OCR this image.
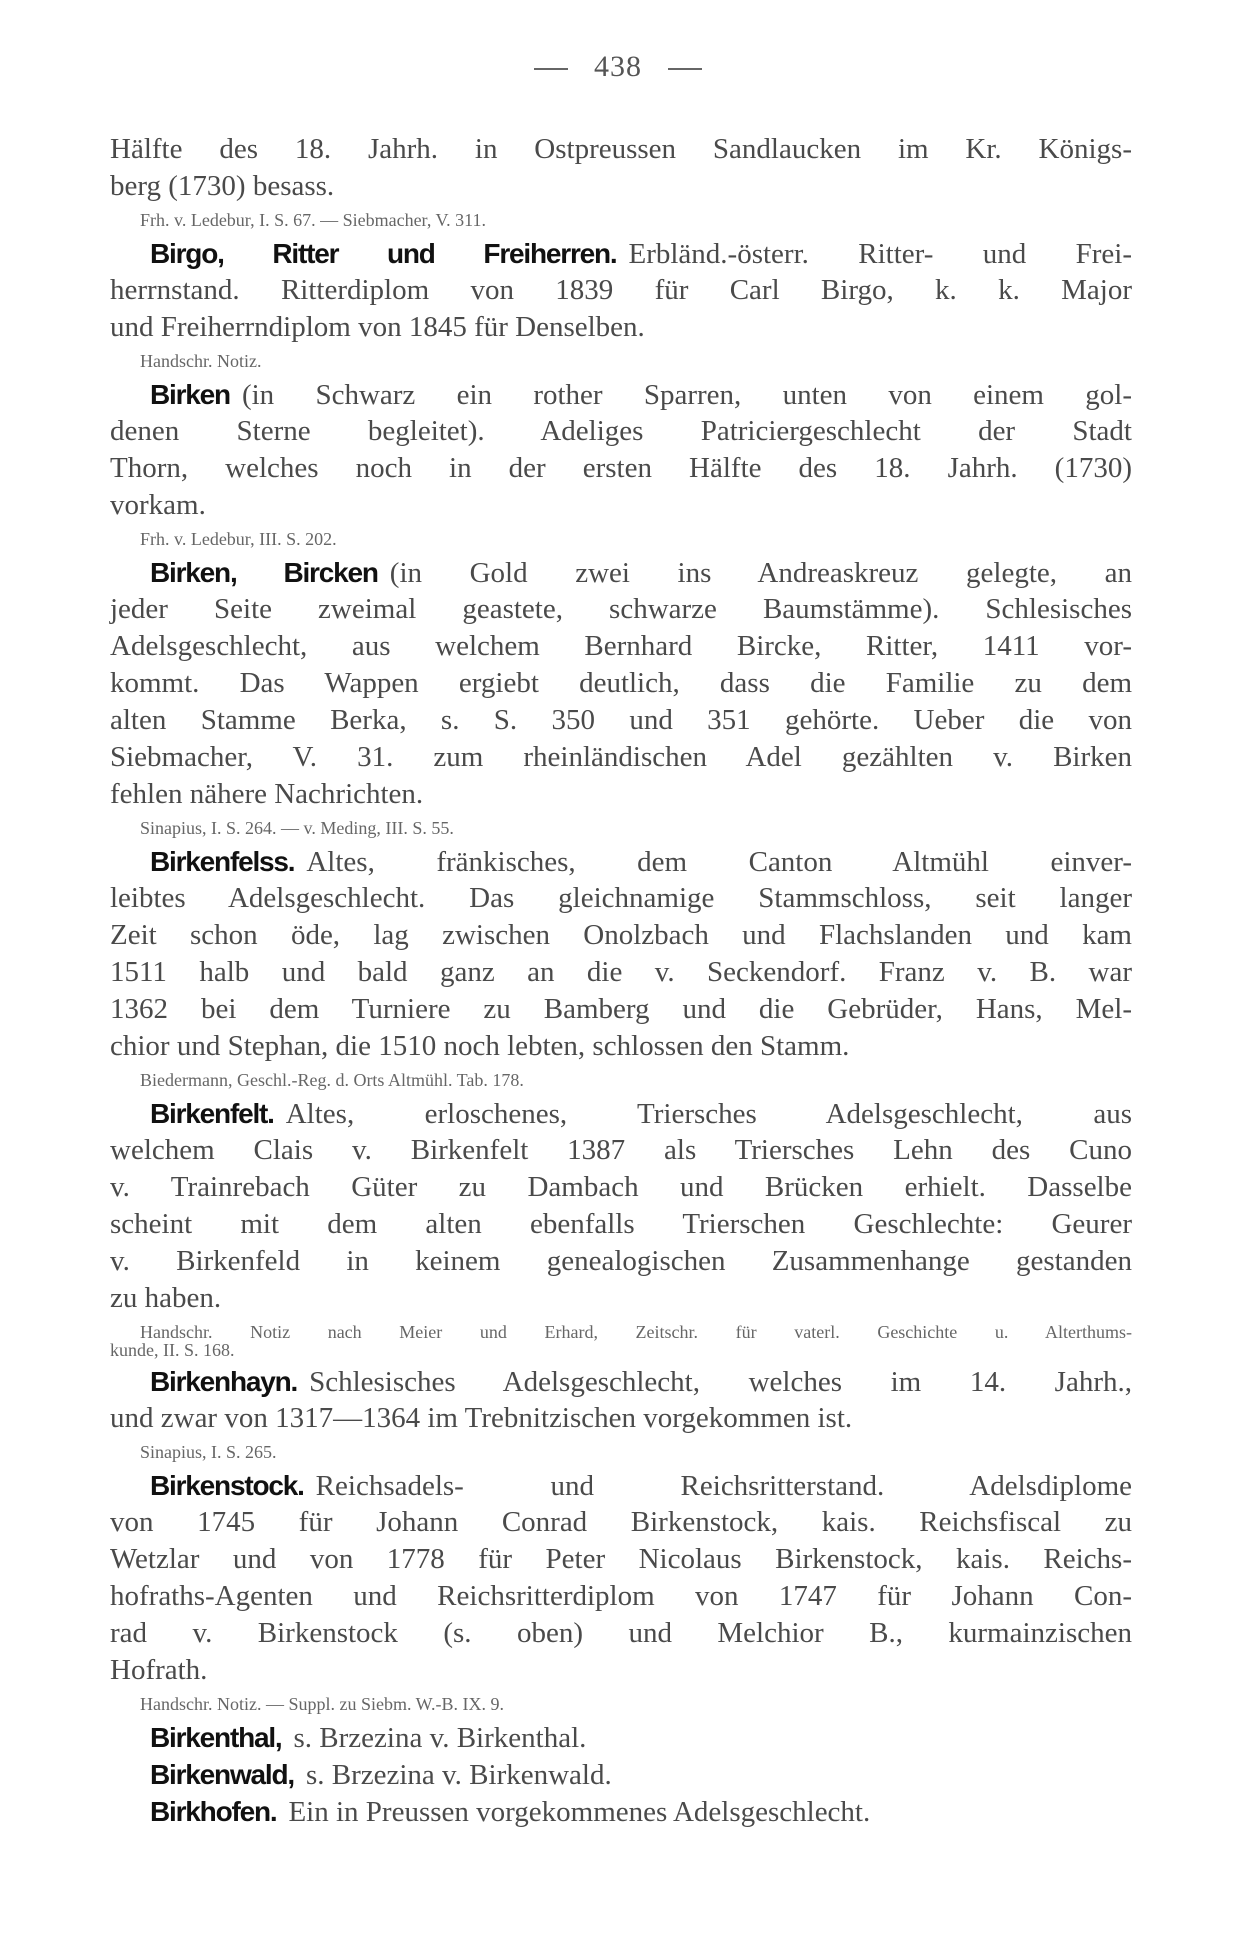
438
Hälfte des 18. Jahrh. in Ostpreussen Sandlaucken im Kr. Königs-
berg (1730) besass.
Frh. v. Ledebur, I. S. 67. — Siebmacher, V. 311.
Birgo, Ritter und Freiherren. Erbländ.-österr. Ritter- und Frei-
herrnstand. Ritterdiplom von 1839 für Carl Birgo, k. k. Major
und Freiherrndiplom von 1845 für Denselben.
Handschr. Notiz.
Birken (in Schwarz ein rother Sparren, unten von einem gol-
denen Sterne begleitet). Adeliges Patriciergeschlecht der Stadt
Thorn, welches noch in der ersten Hälfte des 18. Jahrh. (1730)
vorkam.
Frh. v. Ledebur, III. S. 202.
Birken, Bircken (in Gold zwei ins Andreaskreuz gelegte, an
jeder Seite zweimal geastete, schwarze Baumstämme). Schlesisches
Adelsgeschlecht, aus welchem Bernhard Bircke, Ritter, 1411 vor-
kommt. Das Wappen ergiebt deutlich, dass die Familie zu dem
alten Stamme Berka, s. S. 350 und 351 gehörte. Ueber die von
Siebmacher, V. 31. zum rheinländischen Adel gezählten v. Birken
fehlen nähere Nachrichten.
Sinapius, I. S. 264. — v. Meding, III. S. 55.
Birkenfelss. Altes, fränkisches, dem Canton Altmühl einver-
leibtes Adelsgeschlecht. Das gleichnamige Stammschloss, seit langer
Zeit schon öde, lag zwischen Onolzbach und Flachslanden und kam
1511 halb und bald ganz an die v. Seckendorf. Franz v. B. war
1362 bei dem Turniere zu Bamberg und die Gebrüder, Hans, Mel-
chior und Stephan, die 1510 noch lebten, schlossen den Stamm.
Biedermann, Geschl.-Reg. d. Orts Altmühl. Tab. 178.
Birkenfelt. Altes, erloschenes, Triersches Adelsgeschlecht, aus
welchem Clais v. Birkenfelt 1387 als Triersches Lehn des Cuno
v. Trainrebach Güter zu Dambach und Brücken erhielt. Dasselbe
scheint mit dem alten ebenfalls Trierschen Geschlechte: Geurer
v. Birkenfeld in keinem genealogischen Zusammenhange gestanden
zu haben.
Handschr. Notiz nach Meier und Erhard, Zeitschr. für vaterl. Geschichte u. Alterthums-
kunde, II. S. 168.
Birkenhayn. Schlesisches Adelsgeschlecht, welches im 14. Jahrh.,
und zwar von 1317—1364 im Trebnitzischen vorgekommen ist.
Sinapius, I. S. 265.
Birkenstock. Reichsadels- und Reichsritterstand. Adelsdiplome
von 1745 für Johann Conrad Birkenstock, kais. Reichsfiscal zu
Wetzlar und von 1778 für Peter Nicolaus Birkenstock, kais. Reichs-
hofraths-Agenten und Reichsritterdiplom von 1747 für Johann Con-
rad v. Birkenstock (s. oben) und Melchior B., kurmainzischen
Hofrath.
Handschr. Notiz. — Suppl. zu Siebm. W.-B. IX. 9.
Birkenthal, s. Brzezina v. Birkenthal.
Birkenwald, s. Brzezina v. Birkenwald.
Birkhofen. Ein in Preussen vorgekommenes Adelsgeschlecht.
